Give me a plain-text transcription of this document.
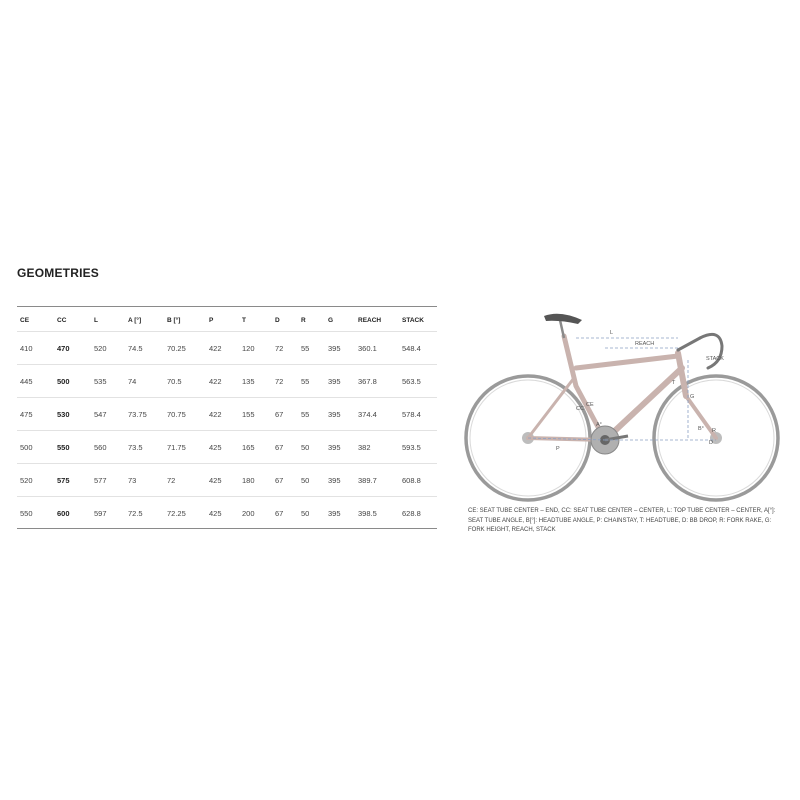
GEOMETRIES
CE	CC	L	A [°]	B [°]	P	T	D	R	G	REACH	STACK
410	470	520	74.5	70.25	422	120	72	55	395	360.1	548.4
445	500	535	74	70.5	422	135	72	55	395	367.8	563.5
475	530	547	73.75	70.75	422	155	67	55	395	374.4	578.4
500	550	560	73.5	71.75	425	165	67	50	395	382	593.5
520	575	577	73	72	425	180	67	50	395	389.7	608.8
550	600	597	72.5	72.25	425	200	67	50	395	398.5	628.8
L
REACH
STACK
CC
CE
A°
B°
P
G
T
R
D
CE: SEAT TUBE CENTER – END, CC: SEAT TUBE CENTER – CENTER, L: TOP TUBE CENTER – CENTER, A[°]: SEAT TUBE ANGLE, B[°]: HEADTUBE ANGLE, P: CHAINSTAY, T: HEADTUBE, D: BB DROP, R: FORK RAKE, G: FORK HEIGHT, REACH, STACK
